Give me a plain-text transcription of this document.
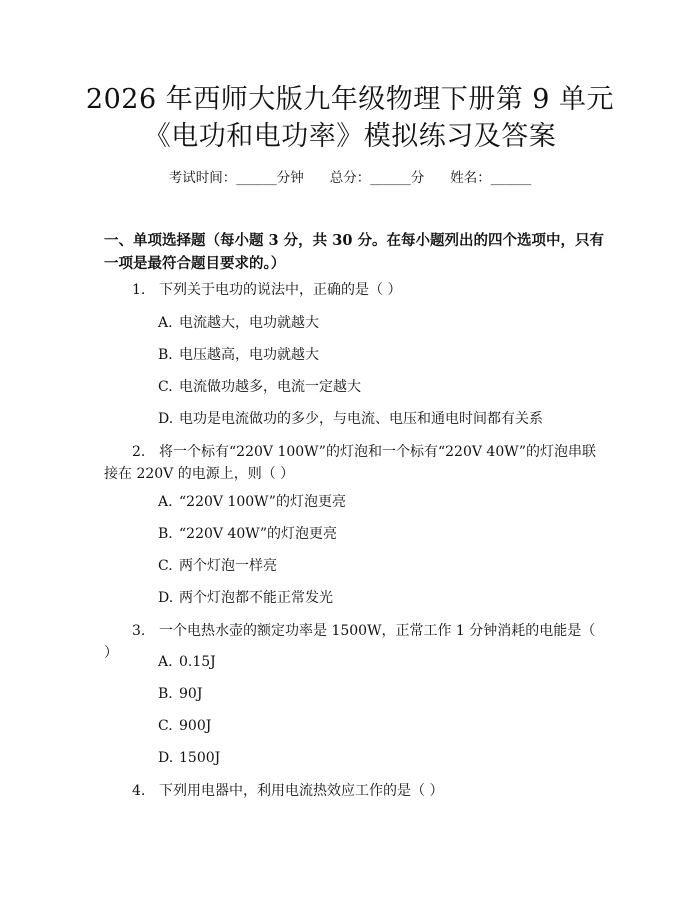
2026 年西师大版九年级物理下册第 9 单元
《电功和电功率》模拟练习及答案
考试时间：______分钟 总分：______分 姓名：______
一、单项选择题（每小题 3 分，共 30 分。在每小题列出的四个选项中，只有一项是最符合题目要求的。）
1. 下列关于电功的说法中，正确的是（ ）
A. 电流越大，电功就越大
B. 电压越高，电功就越大
C. 电流做功越多，电流一定越大
D. 电功是电流做功的多少，与电流、电压和通电时间都有关系
2. 将一个标有“220V 100W”的灯泡和一个标有“220V 40W”的灯泡串联接在 220V 的电源上，则（ ）
A. “220V 100W”的灯泡更亮
B. “220V 40W”的灯泡更亮
C. 两个灯泡一样亮
D. 两个灯泡都不能正常发光
3. 一个电热水壶的额定功率是 1500W，正常工作 1 分钟消耗的电能是（ ）
A. 0.15J
B. 90J
C. 900J
D. 1500J
4. 下列用电器中，利用电流热效应工作的是（ ）
